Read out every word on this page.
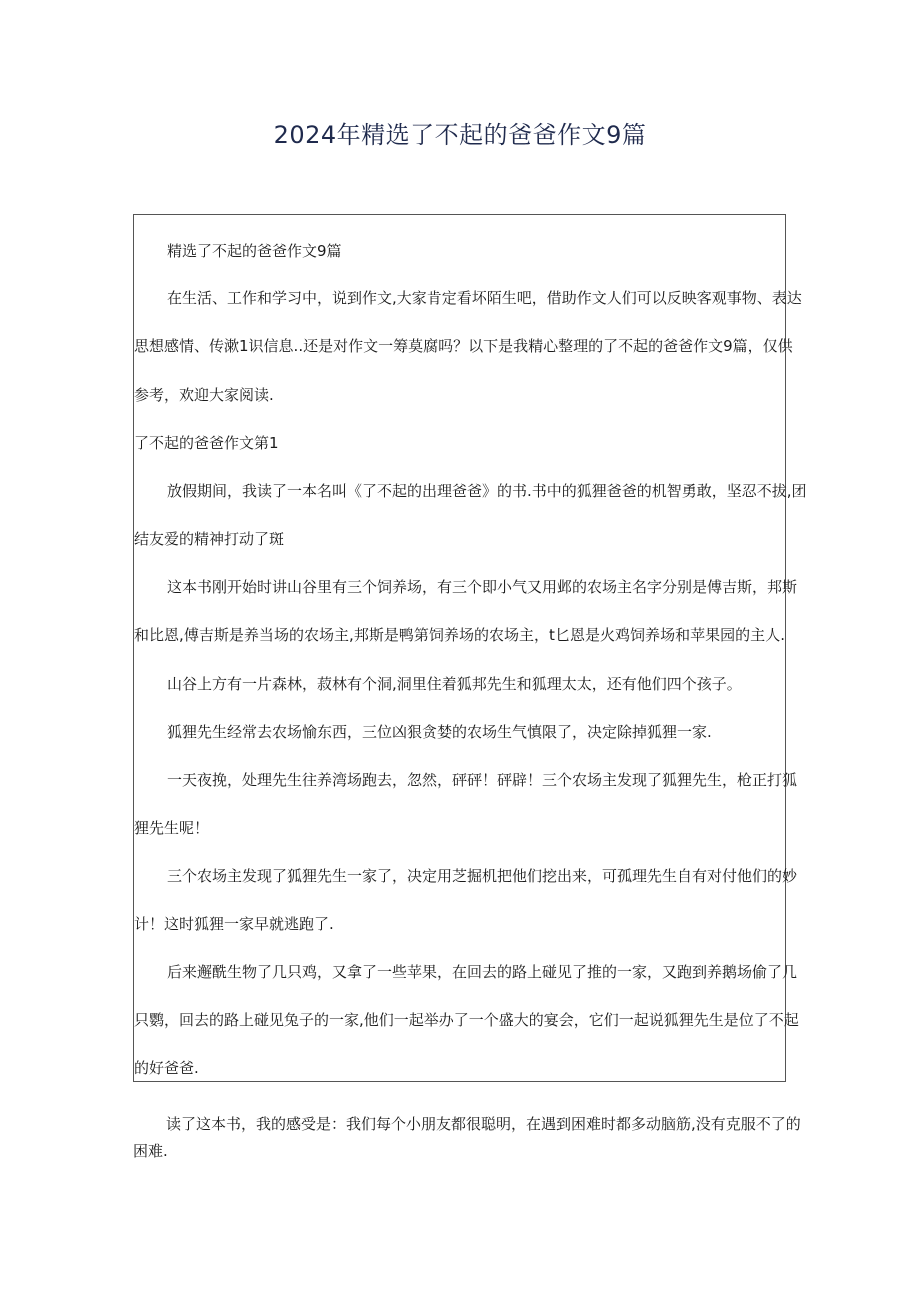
2024年精选了不起的爸爸作文9篇

精选了不起的爸爸作文9篇

在生活、工作和学习中，说到作文,大家肯定看坏陌生吧，借助作文人们可以反映客观事物、表达

思想感情、传漱1识信息..还是对作文一筹莫腐吗？以下是我精心整理的了不起的爸爸作文9篇，仅供

参考，欢迎大家阅读.

了不起的爸爸作文第1

放假期间，我读了一本名叫《了不起的出理爸爸》的书.书中的狐狸爸爸的机智勇敢，坚忍不拔,团

结友爱的精神打动了斑

这本书刚开始时讲山谷里有三个饲养场，有三个即小气又用邺的农场主名字分别是傅吉斯，邦斯

和比恩,傅吉斯是养当场的农场主,邦斯是鸭第饲养场的农场主，t匕恩是火鸡饲养场和苹果园的主人.

山谷上方有一片森林，菽林有个洞,洞里住着狐邦先生和狐理太太，还有他们四个孩子。

狐狸先生经常去农场愉东西，三位凶狠贪婪的农场生气慎限了，决定除掉狐狸一家.

一天夜挽，处理先生往养湾场跑去，忽然，砰砰！砰辟！三个农场主发现了狐狸先生，枪正打狐

狸先生呢！

三个农场主发现了狐狸先生一家了，决定用芝掘机把他们挖出来，可孤理先生自有对付他们的妙

计！这时狐狸一家早就逃跑了.

后来邂酰生物了几只鸡，又拿了一些苹果，在回去的路上碰见了推的一家，又跑到养鹅场偷了几

只鹦，回去的路上碰见兔子的一家,他们一起举办了一个盛大的宴会，它们一起说狐狸先生是位了不起

的好爸爸.

读了这本书，我的感受是：我们每个小朋友都很聪明，在遇到困难时都多动脑筋,没有克服不了的

困难.
